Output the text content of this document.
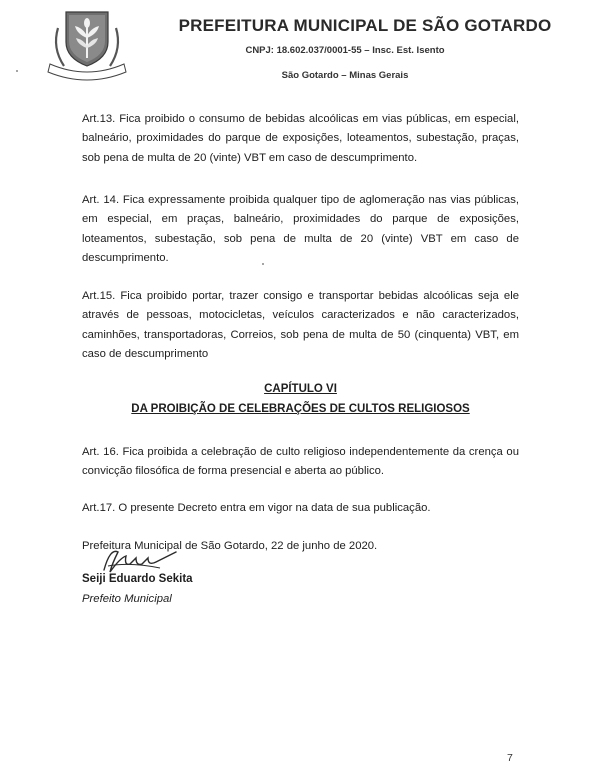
PREFEITURA MUNICIPAL DE SÃO GOTARDO
CNPJ: 18.602.037/0001-55 – Insc. Est. Isento
São Gotardo – Minas Gerais
Art.13. Fica proibido o consumo de bebidas alcoólicas em vias públicas, em especial, balneário, proximidades do parque de exposições, loteamentos, subestação, praças, sob pena de multa de 20 (vinte) VBT em caso de descumprimento.
Art. 14. Fica expressamente proibida qualquer tipo de aglomeração nas vias públicas, em especial, em praças, balneário, proximidades do parque de exposições, loteamentos, subestação, sob pena de multa de 20 (vinte) VBT em caso de descumprimento.
Art.15. Fica proibido portar, trazer consigo e transportar bebidas alcoólicas seja ele através de pessoas, motocicletas, veículos caracterizados e não caracterizados, caminhões, transportadoras, Correios, sob pena de multa de 50 (cinquenta) VBT, em caso de descumprimento
CAPÍTULO VI
DA PROIBIÇÃO DE CELEBRAÇÕES DE CULTOS RELIGIOSOS
Art. 16. Fica proibida a celebração de culto religioso independentemente da crença ou convicção filosófica de forma presencial e aberta ao público.
Art.17. O presente Decreto entra em vigor na data de sua publicação.
Prefeitura Municipal de São Gotardo, 22 de junho de 2020.
Seiji Eduardo Sekita
Prefeito Municipal
7
